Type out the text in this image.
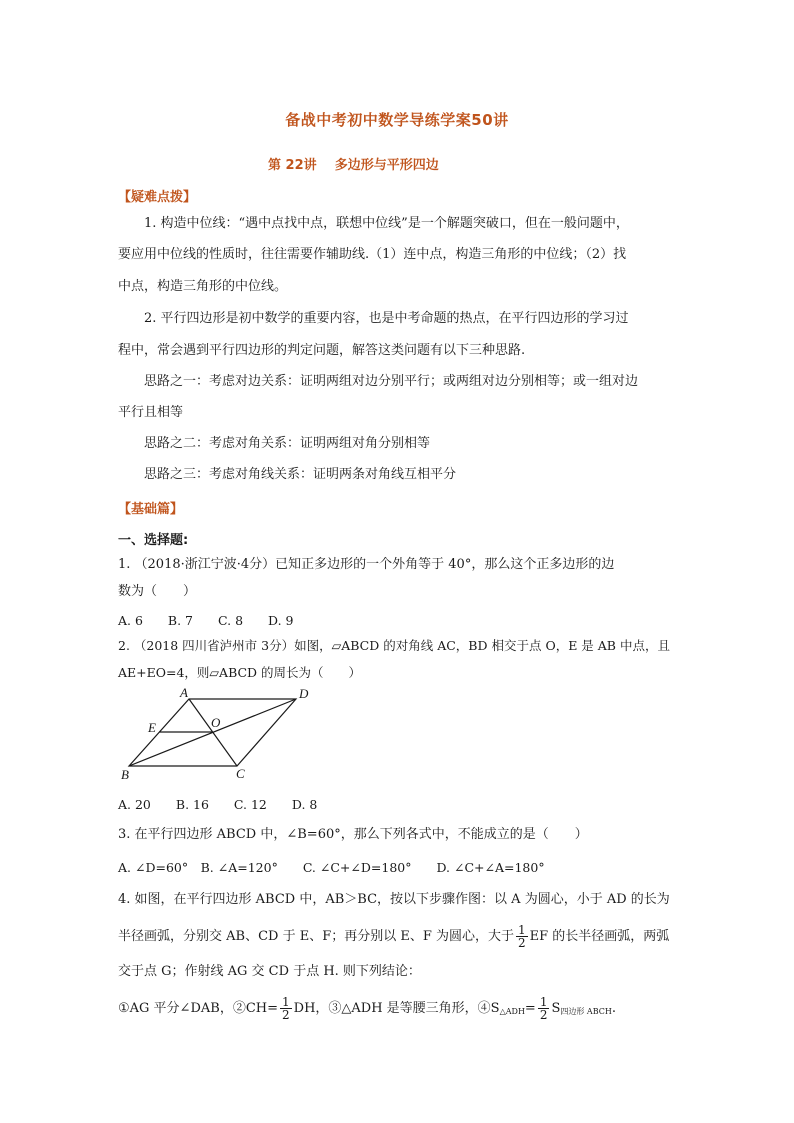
备战中考初中数学导练学案50讲
第 22讲 多边形与平形四边
【疑难点拨】
1. 构造中位线：“遇中点找中点，联想中位线”是一个解题突破口，但在一般问题中，
要应用中位线的性质时，往往需要作辅助线.（1）连中点，构造三角形的中位线；（2）找
中点，构造三角形的中位线。
2. 平行四边形是初中数学的重要内容，也是中考命题的热点，在平行四边形的学习过
程中，常会遇到平行四边形的判定问题，解答这类问题有以下三种思路.
思路之一：考虑对边关系：证明两组对边分别平行；或两组对边分别相等；或一组对边
平行且相等
思路之二：考虑对角关系：证明两组对角分别相等
思路之三：考虑对角线关系：证明两条对角线互相平分
【基础篇】
一、选择题:
1. （2018·浙江宁波·4分）已知正多边形的一个外角等于 40°，那么这个正多边形的边
数为（　　）
A. 6　　B. 7　　C. 8　　D. 9
2. （2018 四川省泸州市 3分）如图，▱ABCD 的对角线 AC，BD 相交于点 O，E 是 AB 中点，且
AE+EO=4，则▱ABCD 的周长为（　　）
A	D
E	O
B	C
A. 20　　B. 16　　C. 12　　D. 8
3. 在平行四边形 ABCD 中，∠B=60°，那么下列各式中，不能成立的是（　　）
A. ∠D=60°　B. ∠A=120°　　C. ∠C+∠D=180°　　D. ∠C+∠A=180°
4. 如图，在平行四边形 ABCD 中，AB＞BC，按以下步骤作图：以 A 为圆心，小于 AD 的长为
半径画弧，分别交 AB、CD 于 E、F；再分别以 E、F 为圆心，大于 $\frac{1}{2}$ EF 的长半径画弧，两弧
交于点 G；作射线 AG 交 CD 于点 H. 则下列结论：
①AG 平分∠DAB，②CH= $\frac{1}{2}$ DH，③△ADH 是等腰三角形，$④S_{\triangle ADH}= \frac{1}{2} S_{四边形 ABCH}$.
